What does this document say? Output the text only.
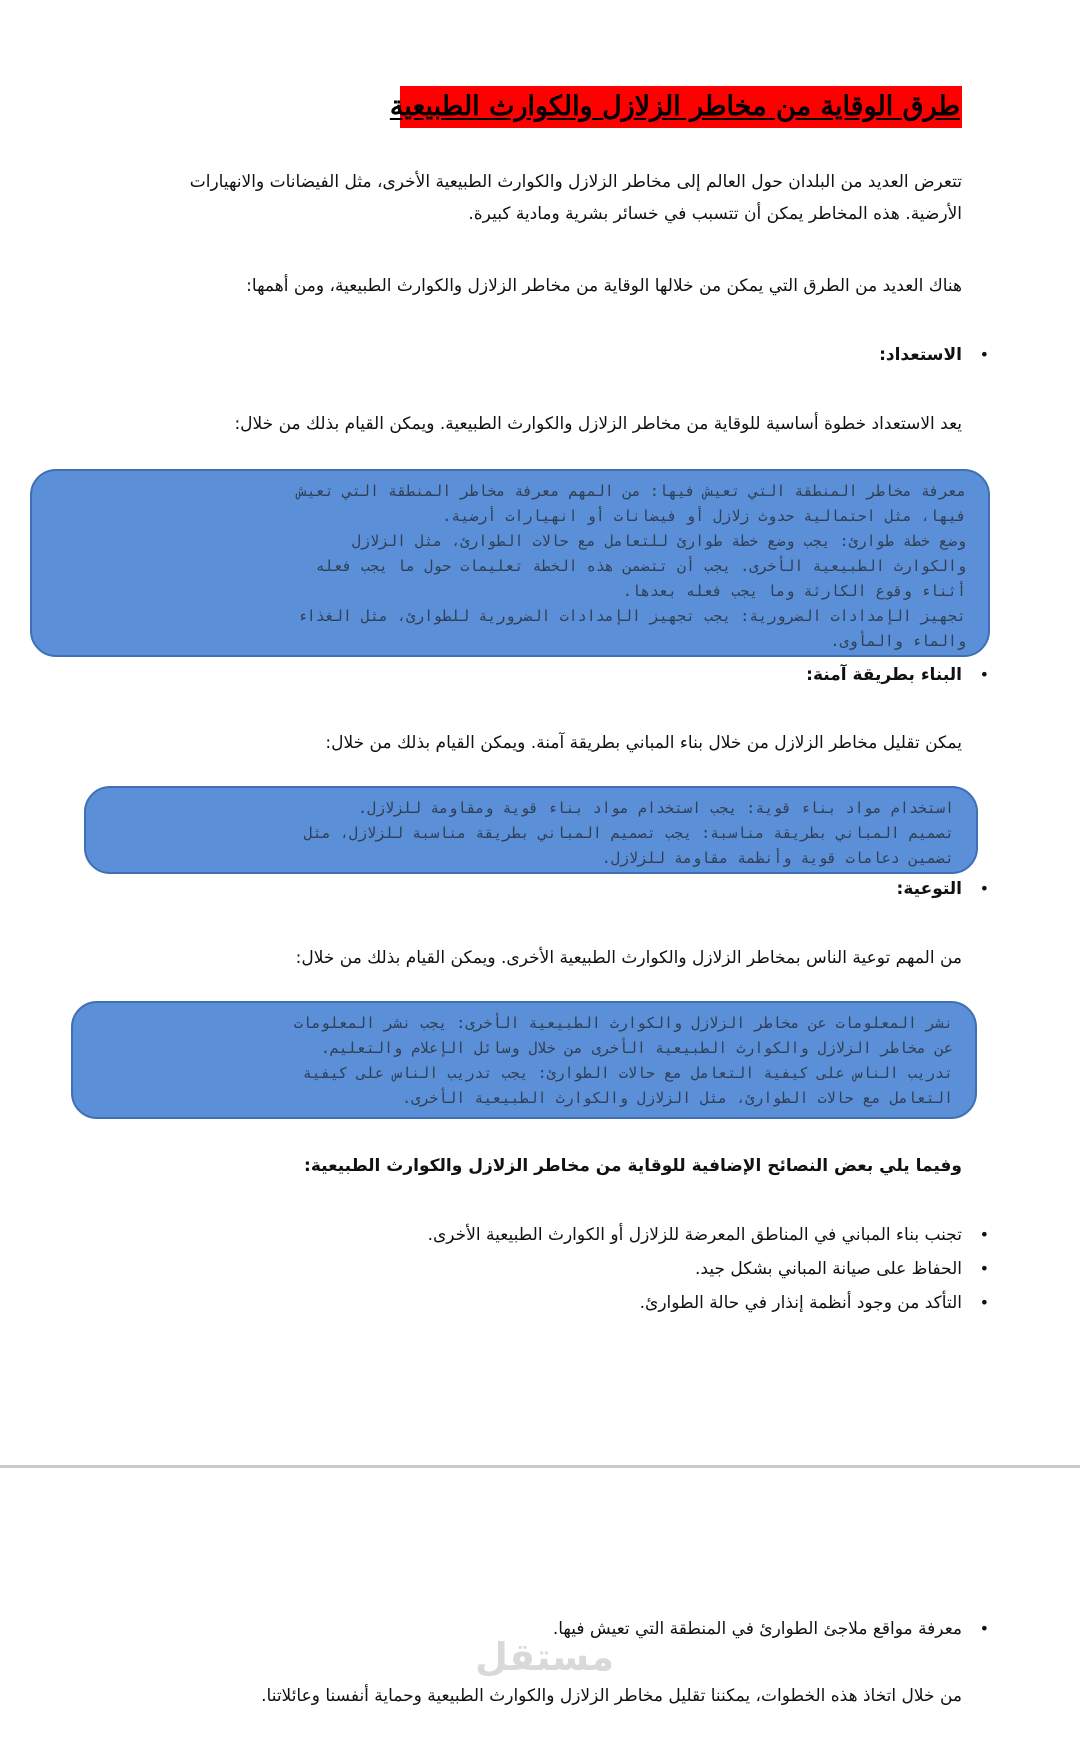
طرق الوقاية من مخاطر الزلازل والكوارث الطبيعية
تتعرض العديد من البلدان حول العالم إلى مخاطر الزلازل والكوارث الطبيعية الأخرى، مثل الفيضانات والانهيارات
الأرضية. هذه المخاطر يمكن أن تتسبب في خسائر بشرية ومادية كبيرة.
هناك العديد من الطرق التي يمكن من خلالها الوقاية من مخاطر الزلازل والكوارث الطبيعية، ومن أهمها:
•
الاستعداد:
يعد الاستعداد خطوة أساسية للوقاية من مخاطر الزلازل والكوارث الطبيعية. ويمكن القيام بذلك من خلال:
معرفة مخاطر المنطقة التي تعيش فيها: من المهم معرفة مخاطر المنطقة التي تعيش
فيها، مثل احتمالية حدوث زلازل أو فيضانات أو انهيارات أرضية.
وضع خطة طوارئ: يجب وضع خطة طوارئ للتعامل مع حالات الطوارئ، مثل الزلازل
والكوارث الطبيعية الأخرى. يجب أن تتضمن هذه الخطة تعليمات حول ما يجب فعله
أثناء وقوع الكارثة وما يجب فعله بعدها.
تجهيز الإمدادات الضرورية: يجب تجهيز الإمدادات الضرورية للطوارئ، مثل الغذاء
والماء والمأوى.
•
البناء بطريقة آمنة:
يمكن تقليل مخاطر الزلازل من خلال بناء المباني بطريقة آمنة. ويمكن القيام بذلك من خلال:
استخدام مواد بناء قوية: يجب استخدام مواد بناء قوية ومقاومة للزلازل.
تصميم المباني بطريقة مناسبة: يجب تصميم المباني بطريقة مناسبة للزلازل، مثل
تضمين دعامات قوية وأنظمة مقاومة للزلازل.
•
التوعية:
من المهم توعية الناس بمخاطر الزلازل والكوارث الطبيعية الأخرى. ويمكن القيام بذلك من خلال:
نشر المعلومات عن مخاطر الزلازل والكوارث الطبيعية الأخرى: يجب نشر المعلومات
عن مخاطر الزلازل والكوارث الطبيعية الأخرى من خلال وسائل الإعلام والتعليم.
تدريب الناس على كيفية التعامل مع حالات الطوارئ: يجب تدريب الناس على كيفية
التعامل مع حالات الطوارئ، مثل الزلازل والكوارث الطبيعية الأخرى.
وفيما يلي بعض النصائح الإضافية للوقاية من مخاطر الزلازل والكوارث الطبيعية:
•
تجنب بناء المباني في المناطق المعرضة للزلازل أو الكوارث الطبيعية الأخرى.
•
الحفاظ على صيانة المباني بشكل جيد.
•
التأكد من وجود أنظمة إنذار في حالة الطوارئ.
•
معرفة مواقع ملاجئ الطوارئ في المنطقة التي تعيش فيها.
مستقل
من خلال اتخاذ هذه الخطوات، يمكننا تقليل مخاطر الزلازل والكوارث الطبيعية وحماية أنفسنا وعائلاتنا.
